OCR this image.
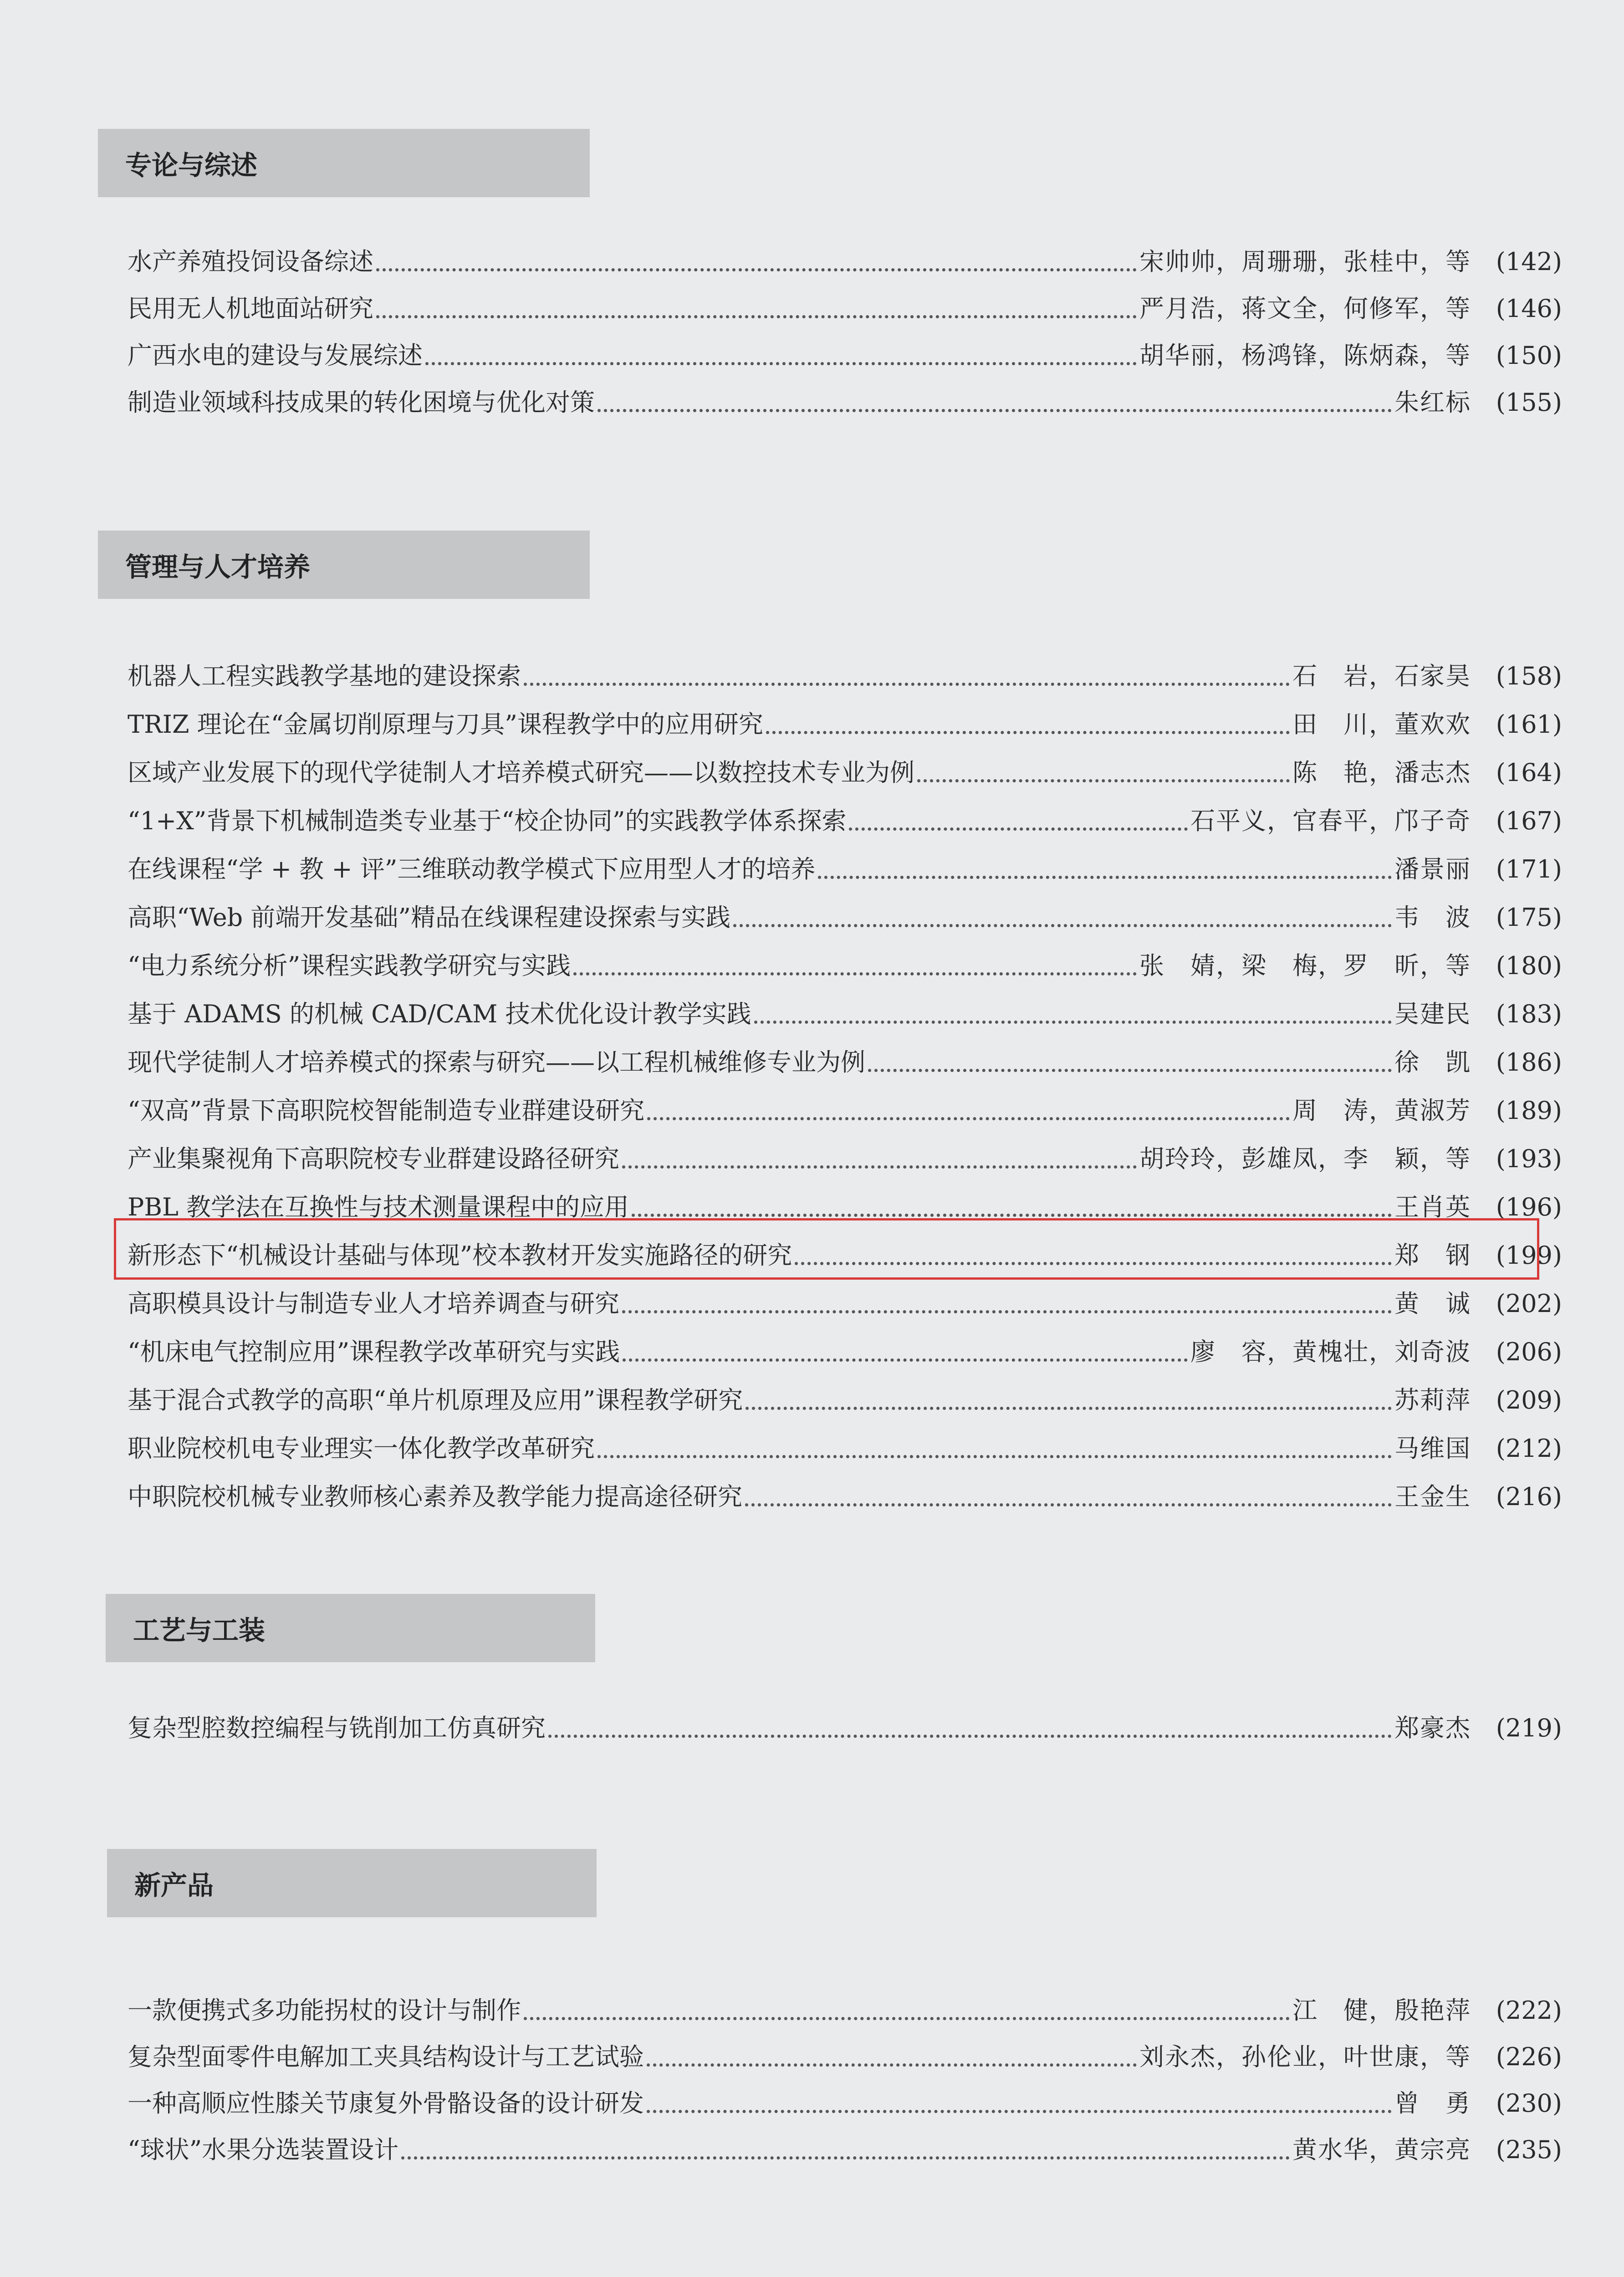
专论与综述
水产养殖投饲设备综述	宋帅帅，周珊珊，张桂中，等	(142)
民用无人机地面站研究	严月浩，蒋文全，何修军，等	(146)
广西水电的建设与发展综述	胡华丽，杨鸿锋，陈炳森，等	(150)
制造业领域科技成果的转化困境与优化对策	朱红标	(155)
管理与人才培养
机器人工程实践教学基地的建设探索	石　岩，石家昊	(158)
TRIZ 理论在“金属切削原理与刀具”课程教学中的应用研究	田　川，董欢欢	(161)
区域产业发展下的现代学徒制人才培养模式研究——以数控技术专业为例	陈　艳，潘志杰	(164)
“1+X”背景下机械制造类专业基于“校企协同”的实践教学体系探索	石平义，官春平，邝子奇	(167)
在线课程“学 + 教 + 评”三维联动教学模式下应用型人才的培养	潘景丽	(171)
高职“Web 前端开发基础”精品在线课程建设探索与实践	韦　波	(175)
“电力系统分析”课程实践教学研究与实践	张　婧，梁　梅，罗　昕，等	(180)
基于 ADAMS 的机械 CAD/CAM 技术优化设计教学实践	吴建民	(183)
现代学徒制人才培养模式的探索与研究——以工程机械维修专业为例	徐　凯	(186)
“双高”背景下高职院校智能制造专业群建设研究	周　涛，黄淑芳	(189)
产业集聚视角下高职院校专业群建设路径研究	胡玲玲，彭雄凤，李　颖，等	(193)
PBL 教学法在互换性与技术测量课程中的应用	王肖英	(196)
新形态下“机械设计基础与体现”校本教材开发实施路径的研究	郑　钢	(199)
高职模具设计与制造专业人才培养调查与研究	黄　诚	(202)
“机床电气控制应用”课程教学改革研究与实践	廖　容，黄槐壮，刘奇波	(206)
基于混合式教学的高职“单片机原理及应用”课程教学研究	苏莉萍	(209)
职业院校机电专业理实一体化教学改革研究	马维国	(212)
中职院校机械专业教师核心素养及教学能力提高途径研究	王金生	(216)
工艺与工装
复杂型腔数控编程与铣削加工仿真研究	郑豪杰	(219)
新产品
一款便携式多功能拐杖的设计与制作	江　健，殷艳萍	(222)
复杂型面零件电解加工夹具结构设计与工艺试验	刘永杰，孙伦业，叶世康，等	(226)
一种高顺应性膝关节康复外骨骼设备的设计研发	曾　勇	(230)
“球状”水果分选装置设计	黄水华，黄宗亮	(235)
